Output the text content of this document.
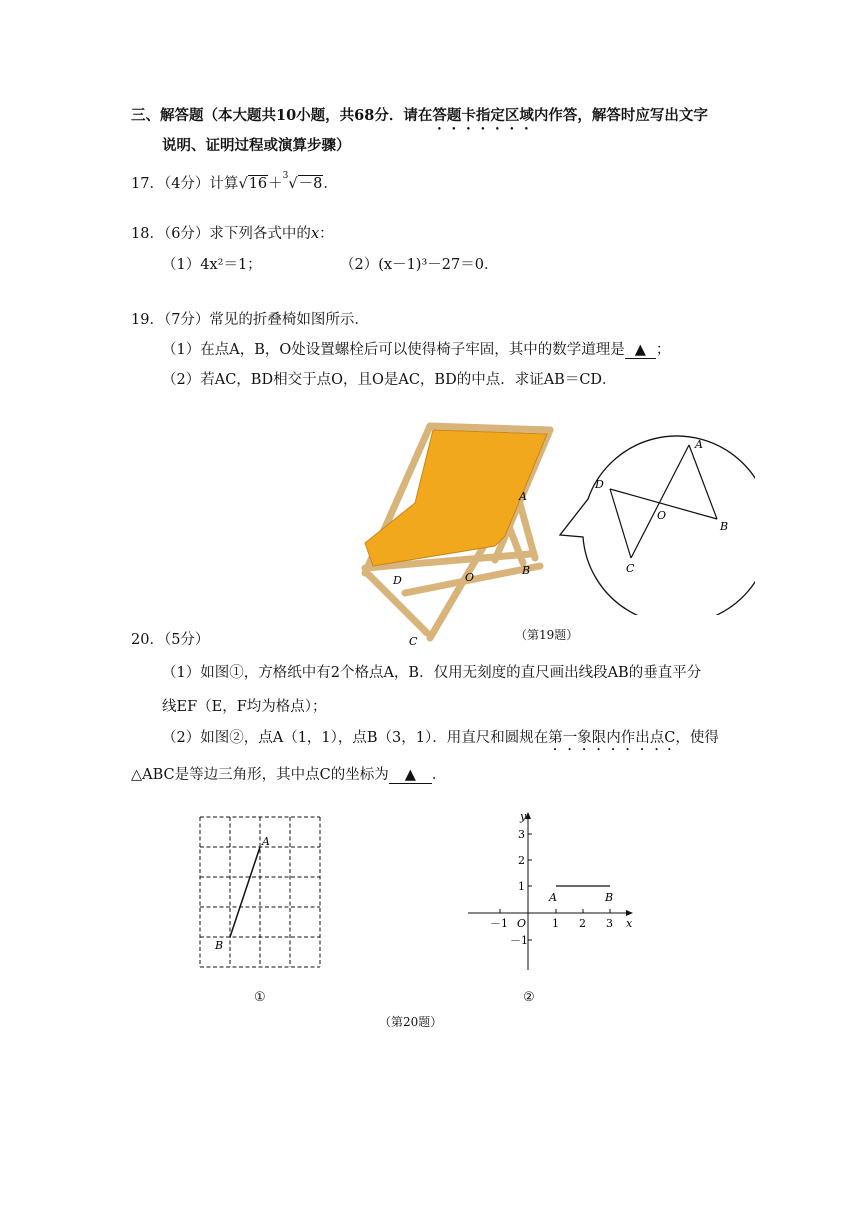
三、解答题（本大题共10小题，共68分．请在答题卡指定区域内作答，解答时应写出文字
说明、证明过程或演算步骤）
17．（4分）计算√16＋$^3$√－8．
18．（6分）求下列各式中的x：
（1）4x²＝1；	（2）(x－1)³－27＝0．
19．（7分）常见的折叠椅如图所示．
（1）在点A，B，O处设置螺栓后可以使得椅子牢固，其中的数学道理是 ▲ ；
（2）若AC，BD相交于点O，且O是AC，BD的中点．求证AB＝CD．
A
B
O
D
C
A
B
O
D
C
（第19题）
20．（5分）
（1）如图①，方格纸中有2个格点A，B．仅用无刻度的直尺画出线段AB的垂直平分
线EF（E，F均为格点）；
（2）如图②，点A（1，1），点B（3，1）．用直尺和圆规在第一象限内作出点C，使得
△ABC是等边三角形，其中点C的坐标为 ▲ ．
A
B
①
y
x
O
－1	1 2 3
3
2
1
－1
A	B
②
（第20题）
